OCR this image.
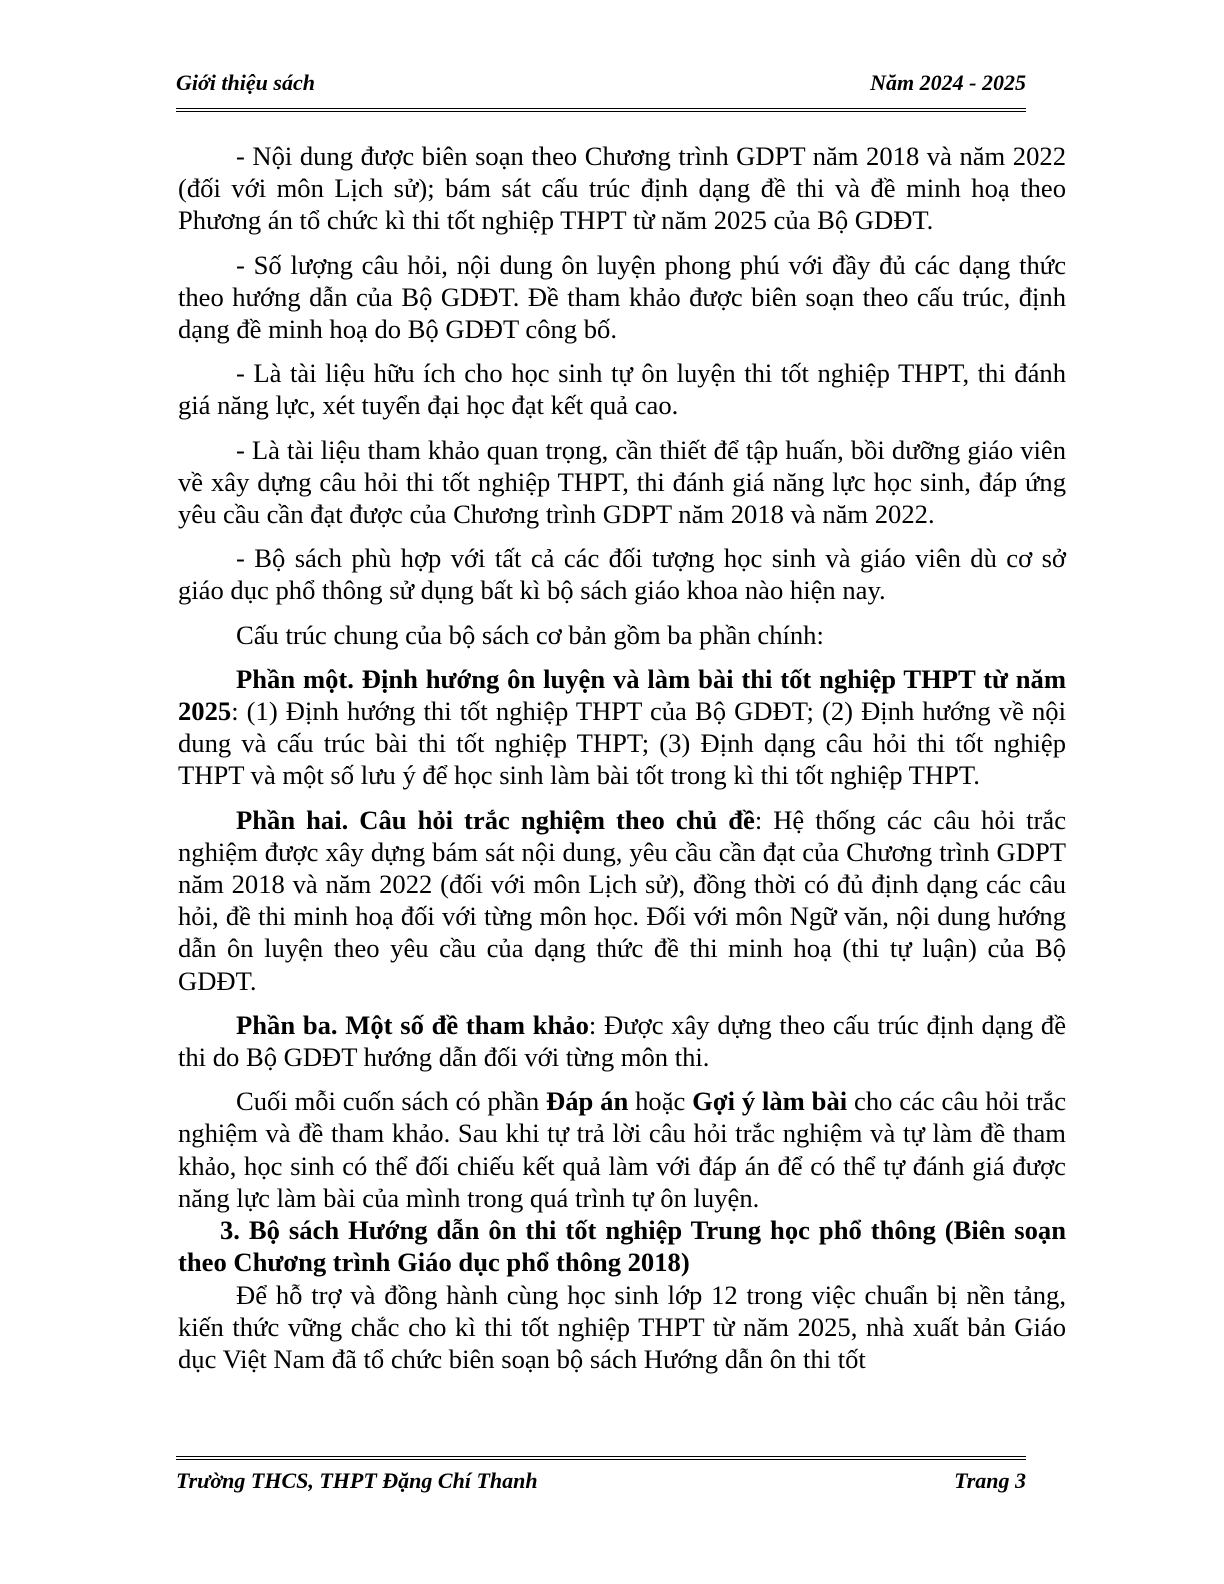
Giới thiệu sách	Năm 2024 - 2025

- Nội dung được biên soạn theo Chương trình GDPT năm 2018 và năm 2022 (đối với môn Lịch sử); bám sát cấu trúc định dạng đề thi và đề minh hoạ theo Phương án tổ chức kì thi tốt nghiệp THPT từ năm 2025 của Bộ GDĐT.

- Số lượng câu hỏi, nội dung ôn luyện phong phú với đầy đủ các dạng thức theo hướng dẫn của Bộ GDĐT. Đề tham khảo được biên soạn theo cấu trúc, định dạng đề minh hoạ do Bộ GDĐT công bố.

- Là tài liệu hữu ích cho học sinh tự ôn luyện thi tốt nghiệp THPT, thi đánh giá năng lực, xét tuyển đại học đạt kết quả cao.

- Là tài liệu tham khảo quan trọng, cần thiết để tập huấn, bồi dưỡng giáo viên về xây dựng câu hỏi thi tốt nghiệp THPT, thi đánh giá năng lực học sinh, đáp ứng yêu cầu cần đạt được của Chương trình GDPT năm 2018 và năm 2022.

- Bộ sách phù hợp với tất cả các đối tượng học sinh và giáo viên dù cơ sở giáo dục phổ thông sử dụng bất kì bộ sách giáo khoa nào hiện nay.

Cấu trúc chung của bộ sách cơ bản gồm ba phần chính:

Phần một. Định hướng ôn luyện và làm bài thi tốt nghiệp THPT từ năm 2025: (1) Định hướng thi tốt nghiệp THPT của Bộ GDĐT; (2) Định hướng về nội dung và cấu trúc bài thi tốt nghiệp THPT; (3) Định dạng câu hỏi thi tốt nghiệp THPT và một số lưu ý để học sinh làm bài tốt trong kì thi tốt nghiệp THPT.

Phần hai. Câu hỏi trắc nghiệm theo chủ đề: Hệ thống các câu hỏi trắc nghiệm được xây dựng bám sát nội dung, yêu cầu cần đạt của Chương trình GDPT năm 2018 và năm 2022 (đối với môn Lịch sử), đồng thời có đủ định dạng các câu hỏi, đề thi minh hoạ đối với từng môn học. Đối với môn Ngữ văn, nội dung hướng dẫn ôn luyện theo yêu cầu của dạng thức đề thi minh hoạ (thi tự luận) của Bộ GDĐT.

Phần ba. Một số đề tham khảo: Được xây dựng theo cấu trúc định dạng đề thi do Bộ GDĐT hướng dẫn đối với từng môn thi.

Cuối mỗi cuốn sách có phần Đáp án hoặc Gợi ý làm bài cho các câu hỏi trắc nghiệm và đề tham khảo. Sau khi tự trả lời câu hỏi trắc nghiệm và tự làm đề tham khảo, học sinh có thể đối chiếu kết quả làm với đáp án để có thể tự đánh giá được năng lực làm bài của mình trong quá trình tự ôn luyện.

3. Bộ sách Hướng dẫn ôn thi tốt nghiệp Trung học phổ thông (Biên soạn theo Chương trình Giáo dục phổ thông 2018)

Để hỗ trợ và đồng hành cùng học sinh lớp 12 trong việc chuẩn bị nền tảng, kiến thức vững chắc cho kì thi tốt nghiệp THPT từ năm 2025, nhà xuất bản Giáo dục Việt Nam đã tổ chức biên soạn bộ sách Hướng dẫn ôn thi tốt

Trường THCS, THPT Đặng Chí Thanh	Trang 3
